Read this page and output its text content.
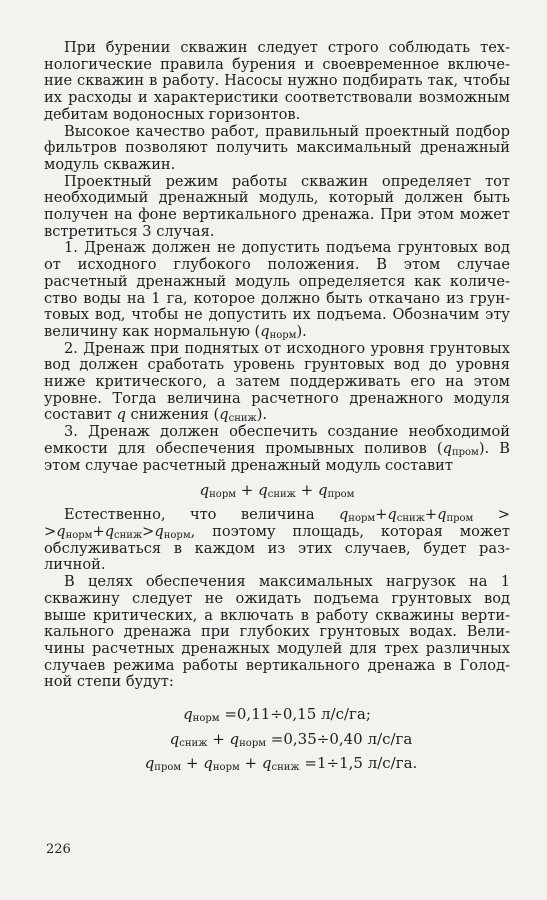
При бурении скважин следует строго соблюдать технологические правила бурения и своевременное включение скважин в работу. Насосы нужно подбирать так, чтобы их расходы и характеристики соответствовали возможным дебитам водоносных горизонтов.

Высокое качество работ, правильный проектный подбор фильтров позволяют получить максимальный дренажный модуль скважин.

Проектный режим работы скважин определяет тот необходимый дренажный модуль, который должен быть получен на фоне вертикального дренажа. При этом может встретиться 3 случая.

1. Дренаж должен не допустить подъема грунтовых вод от исходного глубокого положения. В этом случае расчетный дренажный модуль определяется как количество воды на 1 га, которое должно быть откачано из грунтовых вод, чтобы не допустить их подъема. Обозначим эту величину как нормальную $(q_{норм})$.

2. Дренаж при поднятых от исходного уровня грунтовых вод должен сработать уровень грунтовых вод до уровня ниже критического, а затем поддерживать его на этом уровне. Тогда величина расчетного дренажного модуля составит q снижения $(q_{сниж})$.

3. Дренаж должен обеспечить создание необходимой емкости для обеспечения промывных поливов $(q_{пром})$. В этом случае расчетный дренажный модуль составит

$q_{норм} + q_{сниж} + q_{пром}$

Естественно, что величина $q_{норм}+q_{сниж}+q_{пром} > >q_{норм}+q_{сниж}>q_{норм}$, поэтому площадь, которая может обслуживаться в каждом из этих случаев, будет различной.

В целях обеспечения максимальных нагрузок на 1 скважину следует не ожидать подъема грунтовых вод выше критических, а включать в работу скважины вертикального дренажа при глубоких грунтовых водах. Величины расчетных дренажных модулей для трех различных случаев режима работы вертикального дренажа в Голодной степи будут:

$q_{норм} =0,11\div 0,15$ л/с/га;
$q_{сниж} + q_{норм} =0,35\div 0,40$ л/с/га
$q_{пром} + q_{норм} + q_{сниж} =1\div 1,5$ л/с/га.
226
